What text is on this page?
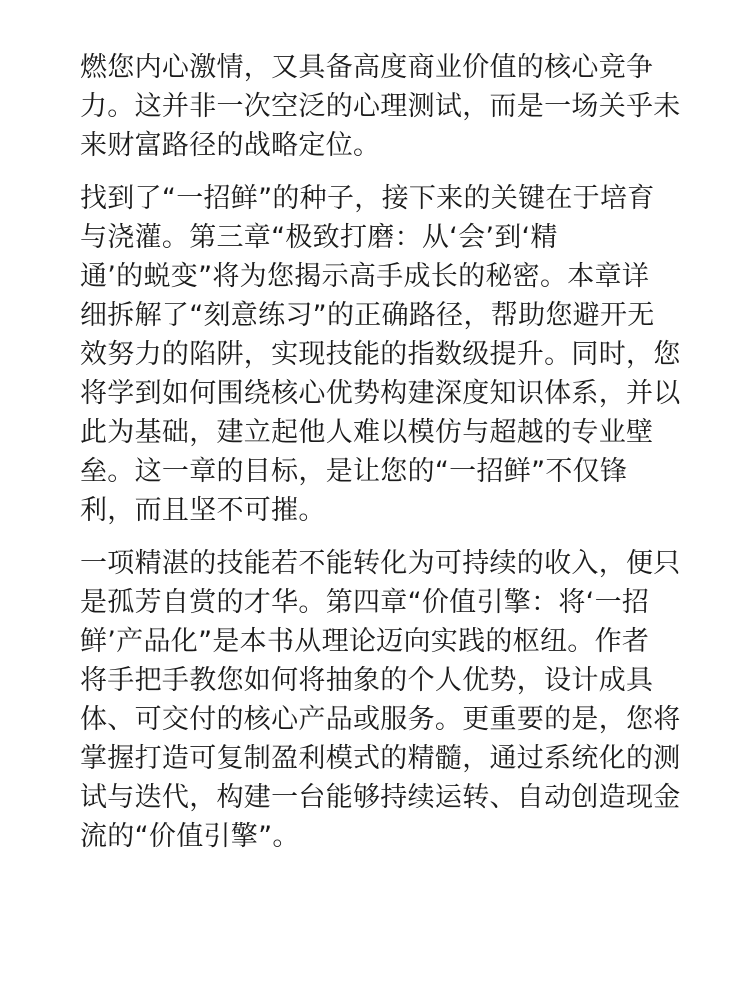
燃您内心激情，又具备高度商业价值的核心竞争
力。这并非一次空泛的心理测试，而是一场关乎未
来财富路径的战略定位。

找到了“一招鲜”的种子，接下来的关键在于培育
与浇灌。第三章“极致打磨：从‘会’到‘精
通’的蜕变”将为您揭示高手成长的秘密。本章详
细拆解了“刻意练习”的正确路径，帮助您避开无
效努力的陷阱，实现技能的指数级提升。同时，您
将学到如何围绕核心优势构建深度知识体系，并以
此为基础，建立起他人难以模仿与超越的专业壁
垒。这一章的目标，是让您的“一招鲜”不仅锋
利，而且坚不可摧。

一项精湛的技能若不能转化为可持续的收入，便只
是孤芳自赏的才华。第四章“价值引擎：将‘一招
鲜’产品化”是本书从理论迈向实践的枢纽。作者
将手把手教您如何将抽象的个人优势，设计成具
体、可交付的核心产品或服务。更重要的是，您将
掌握打造可复制盈利模式的精髓，通过系统化的测
试与迭代，构建一台能够持续运转、自动创造现金
流的“价值引擎”。
